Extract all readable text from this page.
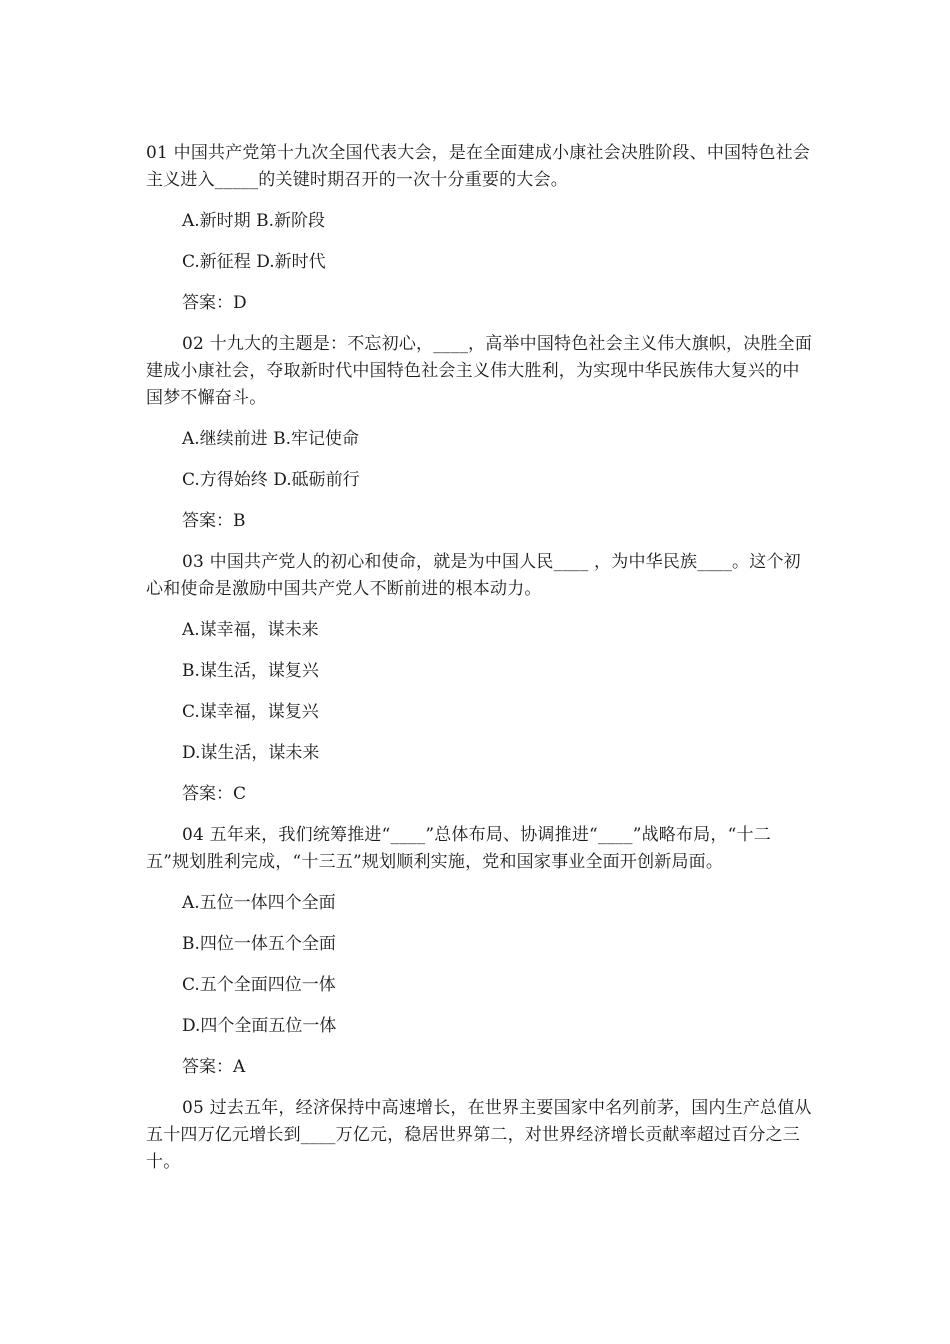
01 中国共产党第十九次全国代表大会，是在全面建成小康社会决胜阶段、中国特色社会主义进入_____的关键时期召开的一次十分重要的大会。

A.新时期 B.新阶段

C.新征程 D.新时代

答案：D

02 十九大的主题是：不忘初心，____，高举中国特色社会主义伟大旗帜，决胜全面建成小康社会，夺取新时代中国特色社会主义伟大胜利，为实现中华民族伟大复兴的中国梦不懈奋斗。

A.继续前进 B.牢记使命

C.方得始终 D.砥砺前行

答案：B

03 中国共产党人的初心和使命，就是为中国人民____ ，为中华民族____。这个初心和使命是激励中国共产党人不断前进的根本动力。

A.谋幸福，谋未来

B.谋生活，谋复兴

C.谋幸福，谋复兴

D.谋生活，谋未来

答案：C

04 五年来，我们统筹推进“____”总体布局、协调推进“____”战略布局，“十二五”规划胜利完成，“十三五”规划顺利实施，党和国家事业全面开创新局面。

A.五位一体四个全面

B.四位一体五个全面

C.五个全面四位一体

D.四个全面五位一体

答案：A

05 过去五年，经济保持中高速增长，在世界主要国家中名列前茅，国内生产总值从五十四万亿元增长到____万亿元，稳居世界第二，对世界经济增长贡献率超过百分之三十。
